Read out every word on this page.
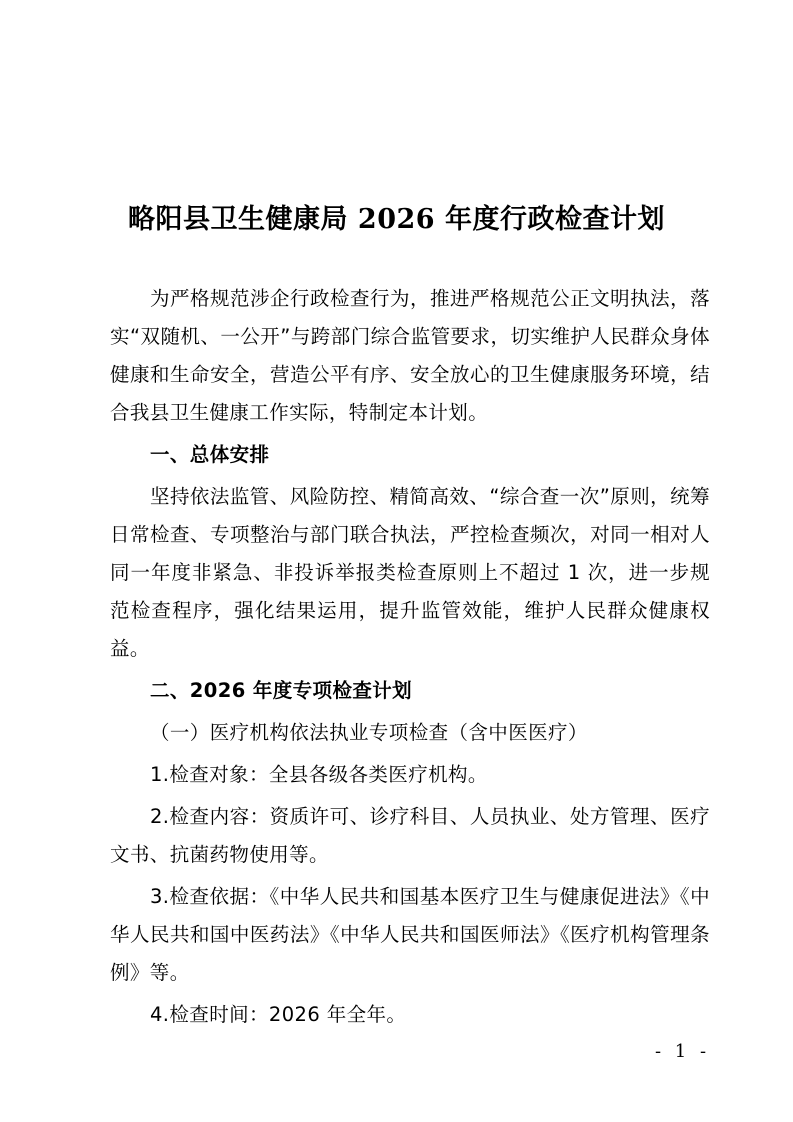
略阳县卫生健康局 2026 年度行政检查计划

为严格规范涉企行政检查行为，推进严格规范公正文明执法，落实“双随机、一公开”与跨部门综合监管要求，切实维护人民群众身体健康和生命安全，营造公平有序、安全放心的卫生健康服务环境，结合我县卫生健康工作实际，特制定本计划。

一、总体安排

坚持依法监管、风险防控、精简高效、“综合查一次”原则，统筹日常检查、专项整治与部门联合执法，严控检查频次，对同一相对人同一年度非紧急、非投诉举报类检查原则上不超过 1 次，进一步规范检查程序，强化结果运用，提升监管效能，维护人民群众健康权益。

二、2026 年度专项检查计划

（一）医疗机构依法执业专项检查（含中医医疗）

1.检查对象：全县各级各类医疗机构。

2.检查内容：资质许可、诊疗科目、人员执业、处方管理、医疗文书、抗菌药物使用等。

3.检查依据：《中华人民共和国基本医疗卫生与健康促进法》《中华人民共和国中医药法》《中华人民共和国医师法》《医疗机构管理条例》等。

4.检查时间：2026 年全年。

- 1 -
